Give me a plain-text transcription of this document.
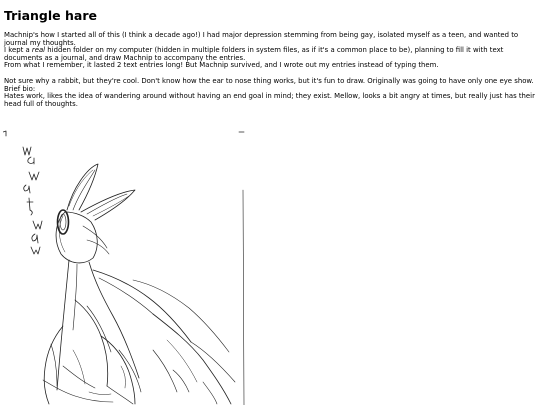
Triangle hare

Machnip's how I started all of this (I think a decade ago!) I had major depression stemming from being gay, isolated myself as a teen, and wanted to journal my thoughts.

I kept a real hidden folder on my computer (hidden in multiple folders in system files, as if it's a common place to be), planning to fill it with text documents as a journal, and draw Machnip to accompany the entries.

From what I remember, it lasted 2 text entries long! But Machnip survived, and I wrote out my entries instead of typing them.

Not sure why a rabbit, but they're cool. Don't know how the ear to nose thing works, but it's fun to draw. Originally was going to have only one eye show.

Brief bio:

Hates work, likes the idea of wandering around without having an end goal in mind; they exist. Mellow, looks a bit angry at times, but really just has their head full of thoughts.
